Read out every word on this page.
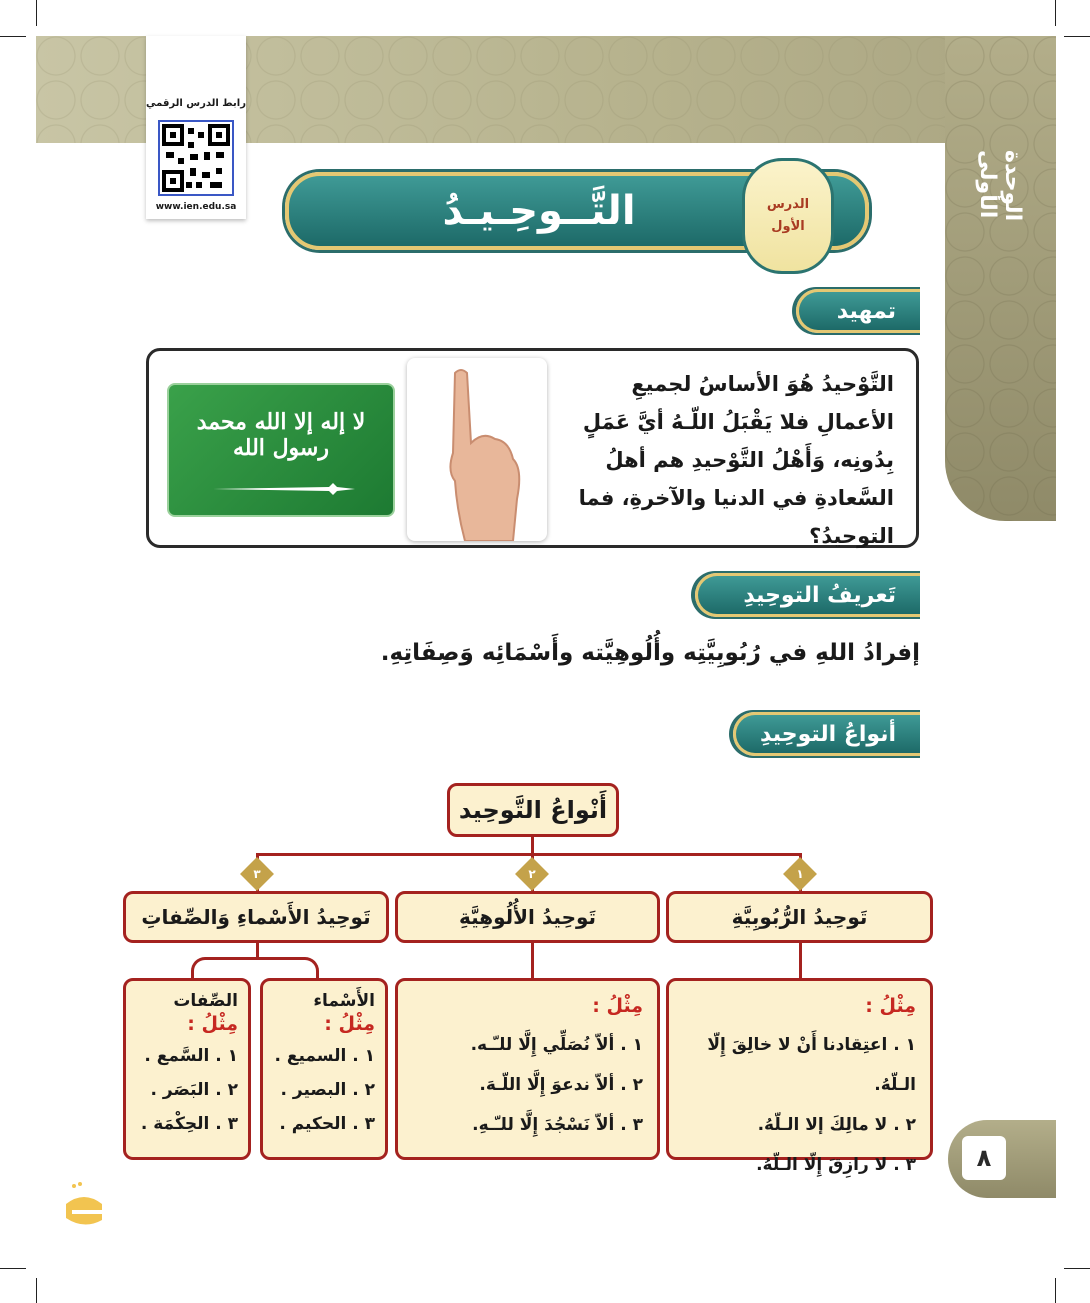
الوحدة الأولى
رابط الدرس الرقمي
www.ien.edu.sa	التَّــوحِـيـدُ	الدرس
الأول
تمهيد
التَّوْحيدُ هُوَ الأساسُ لجميعِ الأعمالِ فلا يَقْبَلُ اللّـهُ أيَّ عَمَلٍ بِدُونِه، وَأَهْلُ التَّوْحيدِ هم أهلُ السَّعادةِ في الدنيا والآخرةِ، فما التوحيدُ؟
لا إله إلا الله محمد رسول الله
تَعريفُ التوحِيدِ
إفرادُ اللهِ في رُبُوبِيَّتِه وأُلُوهِيَّته وأَسْمَائِه وَصِفَاتِهِ.
أنواعُ التوحِيدِ
أَنْواعُ التَّوحِيد
٣	٢	١
تَوحِيدُ الرُّبُوبِيَّةِ
تَوحِيدُ الأُلُوهِيَّةِ
تَوحِيدُ الأَسْماءِ وَالصِّفاتِ
مِثْلُ :
١ . اعتِقادنا أَنْ لا خالِقَ إِلّا الـلّهُ.
٢ . لا مالِكَ إلا الـلّهُ.
٣ . لا رازِقَ إِلّا الـلّهُ.
مِثْلُ :
١ . ألاّ نُصَلِّي إِلَّا للـّـه.
٢ . ألاّ ندعوَ إِلَّا اللّـهَ.
٣ . ألاّ نَسْجُدَ إِلَّا للـّـهِ.
الأَسْماء
مِثْلُ :
١ . السميع .
٢ . البصير .
٣ . الحكيم .
الصِّفات
مِثْلُ :
١ . السَّمع .
٢ . البَصَر .
٣ . الحِكْمَة .
٨
